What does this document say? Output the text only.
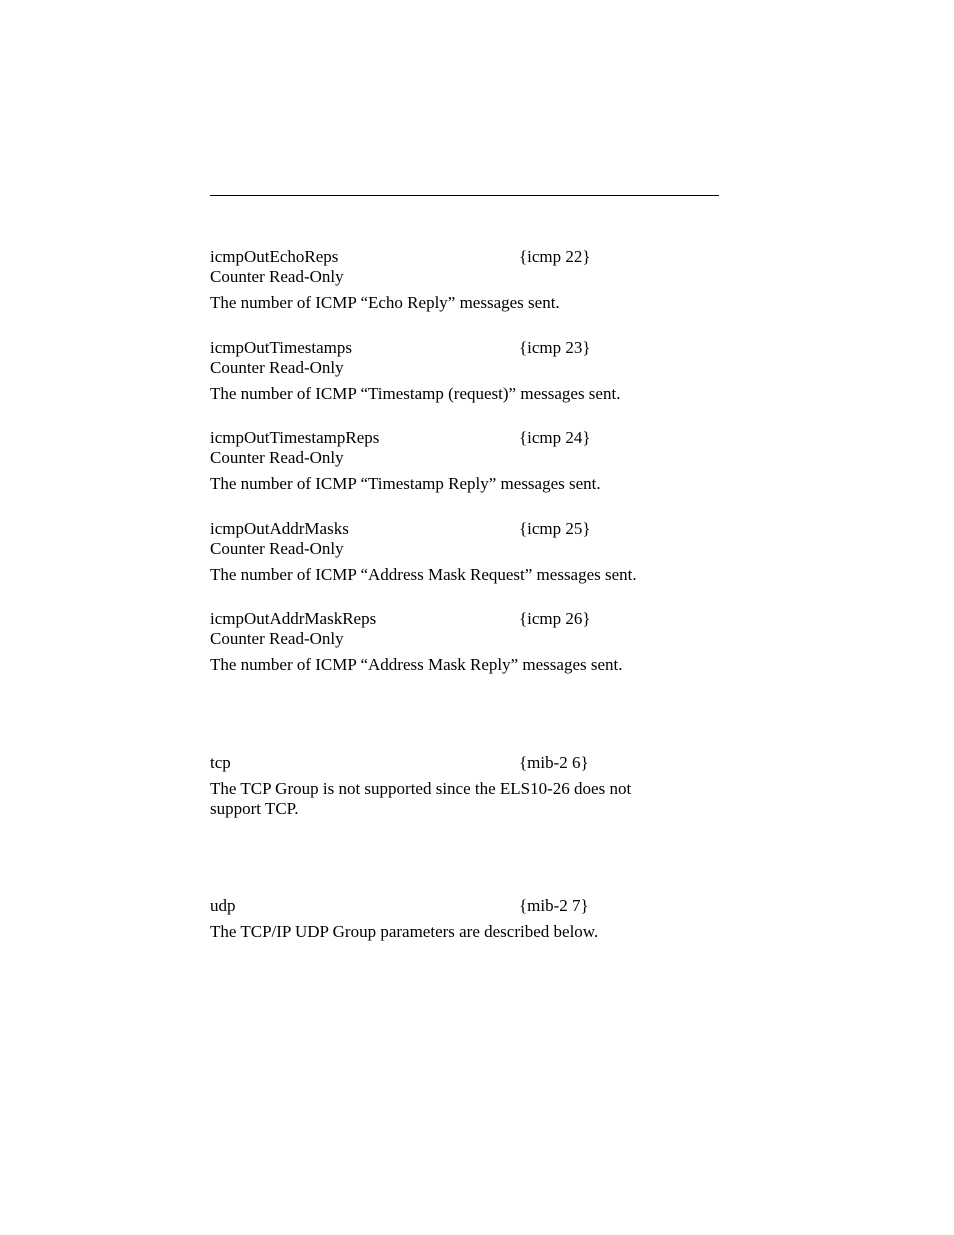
icmpOutEchoReps	{icmp 22}
Counter Read-Only
The number of ICMP “Echo Reply” messages sent.
icmpOutTimestamps	{icmp 23}
Counter Read-Only
The number of ICMP “Timestamp (request)” messages sent.
icmpOutTimestampReps	{icmp 24}
Counter Read-Only
The number of ICMP “Timestamp Reply” messages sent.
icmpOutAddrMasks	{icmp 25}
Counter Read-Only
The number of ICMP “Address Mask Request” messages sent.
icmpOutAddrMaskReps	{icmp 26}
Counter Read-Only
The number of ICMP “Address Mask Reply” messages sent.
tcp	{mib-2 6}
The TCP Group is not supported since the ELS10-26 does not
support TCP.
udp	{mib-2 7}
The TCP/IP UDP Group parameters are described below.
